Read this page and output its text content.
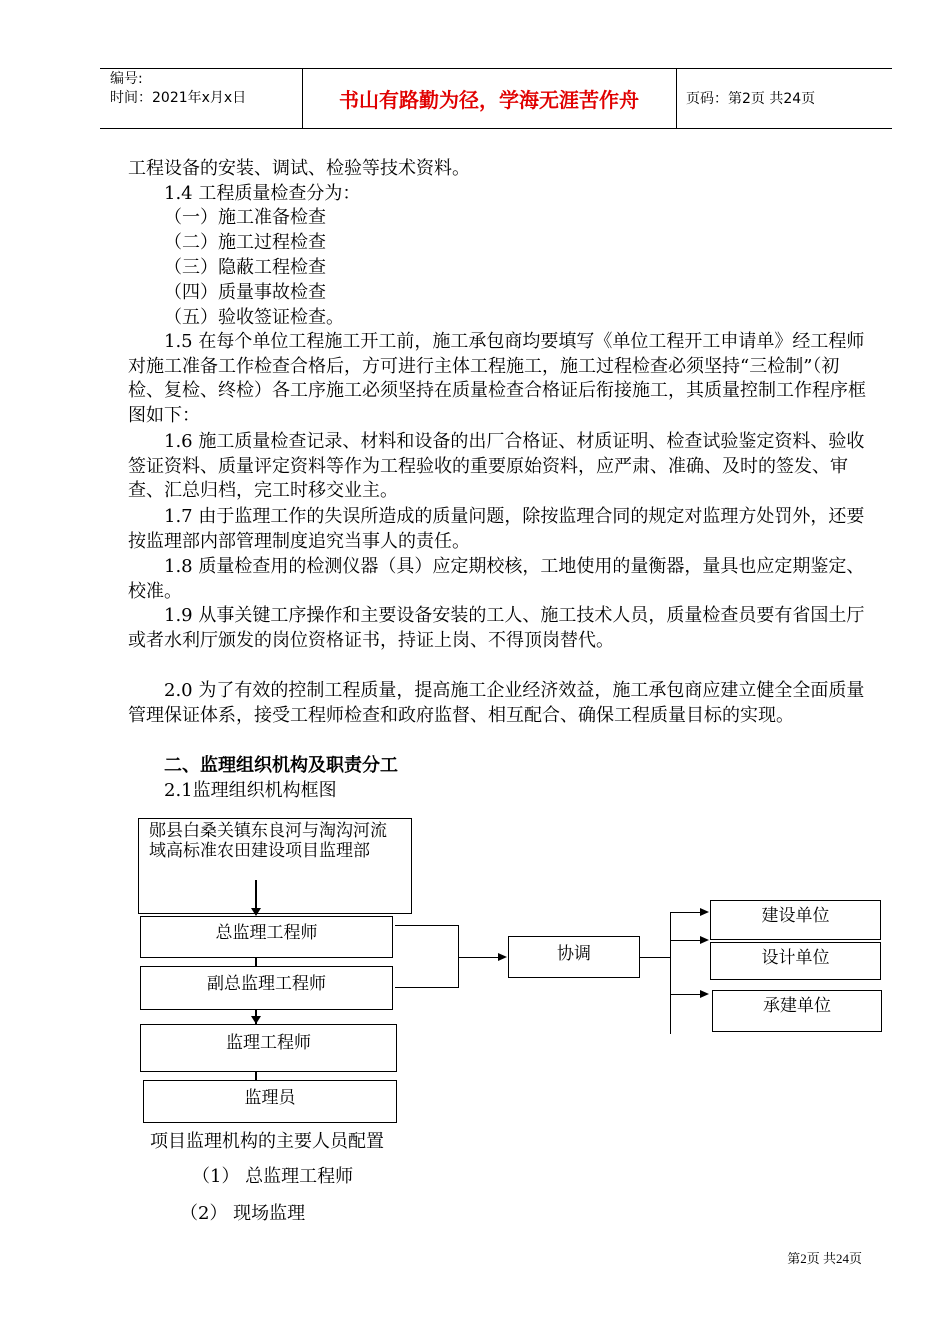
编号:
时间：2021年x月x日	书山有路勤为径，学海无涯苦作舟	页码：第2页 共24页

工程设备的安装、调试、检验等技术资料。

1.4 工程质量检查分为：

（一）施工准备检查

（二）施工过程检查

（三）隐蔽工程检查

（四）质量事故检查

（五）验收签证检查。

1.5 在每个单位工程施工开工前，施工承包商均要填写《单位工程开工申请单》经工程师对施工准备工作检查合格后，方可进行主体工程施工，施工过程检查必须坚持“三检制”（初检、复检、终检）各工序施工必须坚持在质量检查合格证后衔接施工，其质量控制工作程序框图如下：

1.6 施工质量检查记录、材料和设备的出厂合格证、材质证明、检查试验鉴定资料、验收签证资料、质量评定资料等作为工程验收的重要原始资料，应严肃、准确、及时的签发、审查、汇总归档，完工时移交业主。

1.7 由于监理工作的失误所造成的质量问题，除按监理合同的规定对监理方处罚外，还要按监理部内部管理制度追究当事人的责任。

1.8 质量检查用的检测仪器（具）应定期校核，工地使用的量衡器，量具也应定期鉴定、校准。

1.9 从事关键工序操作和主要设备安装的工人、施工技术人员，质量检查员要有省国土厅或者水利厅颁发的岗位资格证书，持证上岗、不得顶岗替代。

2.0 为了有效的控制工程质量，提高施工企业经济效益，施工承包商应建立健全全面质量管理保证体系，接受工程师检查和政府监督、相互配合、确保工程质量目标的实现。

二、监理组织机构及职责分工

2.1监理组织机构框图

郧县白桑关镇东良河与淘沟河流域高标准农田建设项目监理部
总监理工程师
副总监理工程师
监理工程师
监理员
协调
建设单位
设计单位
承建单位

项目监理机构的主要人员配置

（1） 总监理工程师

（2） 现场监理

第2页 共24页
